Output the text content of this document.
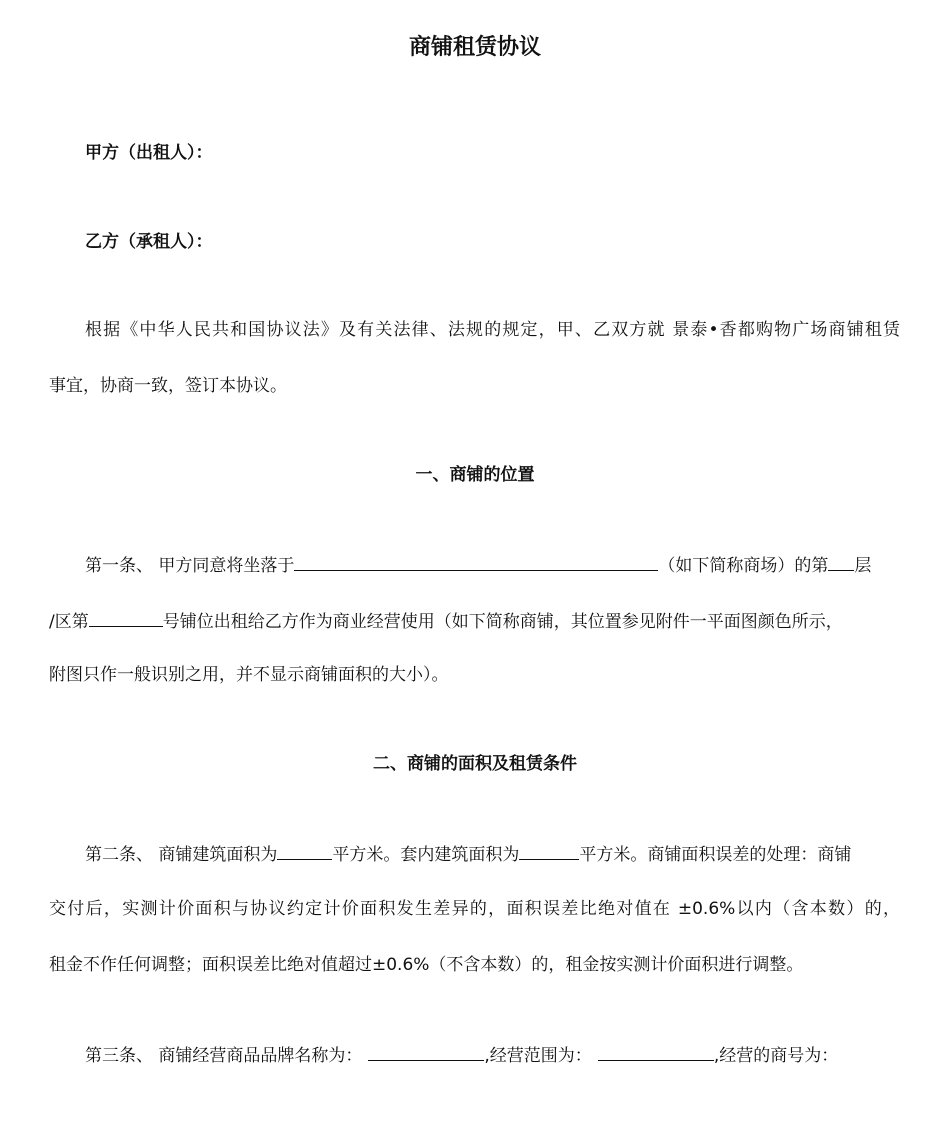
商铺租赁协议
甲方（出租人）：
乙方（承租人）：
根据《中华人民共和国协议法》及有关法律、法规的规定，甲、乙双方就 景泰•香都购物广场商铺租赁
事宜，协商一致，签订本协议。
一、商铺的位置
第一条、 甲方同意将坐落于	（如下简称商场）的第 层
/区第	号铺位出租给乙方作为商业经营使用（如下简称商铺，其位置参见附件一平面图颜色所示，
附图只作一般识别之用，并不显示商铺面积的大小）。
二、商铺的面积及租赁条件
第二条、 商铺建筑面积为	平方米。套内建筑面积为	平方米。商铺面积误差的处理：商铺
交付后，实测计价面积与协议约定计价面积发生差异的，面积误差比绝对值在 ±0.6%以内（含本数）的，
租金不作任何调整；面积误差比绝对值超过±0.6%（不含本数）的，租金按实测计价面积进行调整。
第三条、 商铺经营商品品牌名称为：	,经营范围为：	,经营的商号为：
